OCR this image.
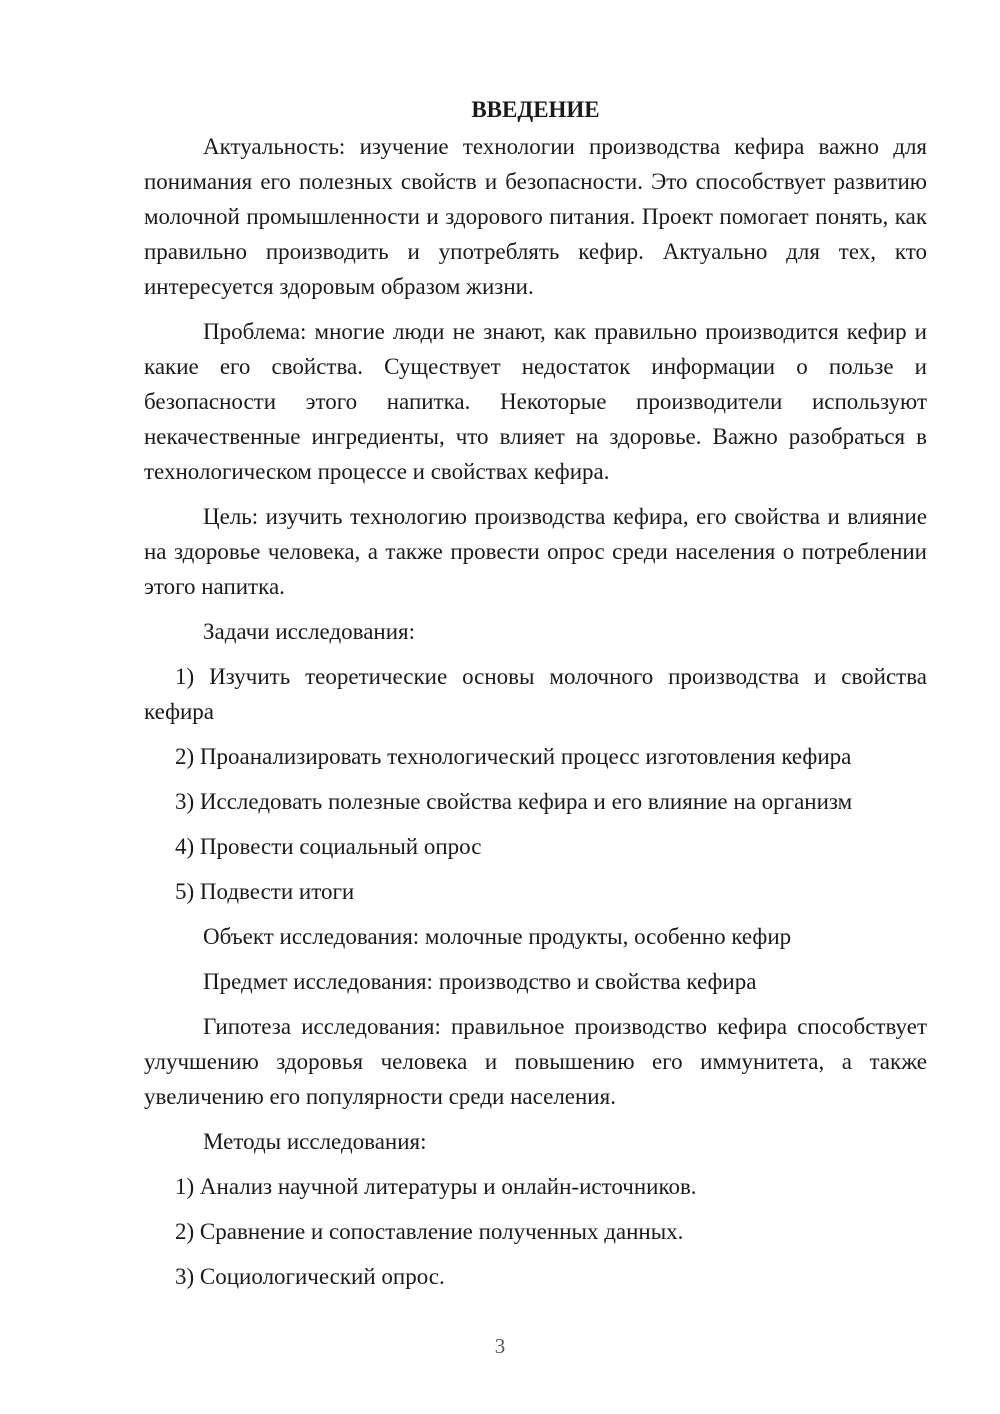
ВВЕДЕНИЕ

Актуальность: изучение технологии производства кефира важно для понимания его полезных свойств и безопасности. Это способствует развитию молочной промышленности и здорового питания. Проект помогает понять, как правильно производить и употреблять кефир. Актуально для тех, кто интересуется здоровым образом жизни.

Проблема: многие люди не знают, как правильно производится кефир и какие его свойства. Существует недостаток информации о пользе и безопасности этого напитка. Некоторые производители используют некачественные ингредиенты, что влияет на здоровье. Важно разобраться в технологическом процессе и свойствах кефира.

Цель: изучить технологию производства кефира, его свойства и влияние на здоровье человека, а также провести опрос среди населения о потреблении этого напитка.

Задачи исследования:

1) Изучить теоретические основы молочного производства и свойства кефира

2) Проанализировать технологический процесс изготовления кефира

3) Исследовать полезные свойства кефира и его влияние на организм

4) Провести социальный опрос

5) Подвести итоги

Объект исследования: молочные продукты, особенно кефир

Предмет исследования: производство и свойства кефира

Гипотеза исследования: правильное производство кефира способствует улучшению здоровья человека и повышению его иммунитета, а также увеличению его популярности среди населения.

Методы исследования:

1) Анализ научной литературы и онлайн-источников.

2) Сравнение и сопоставление полученных данных.

3) Социологический опрос.

3
